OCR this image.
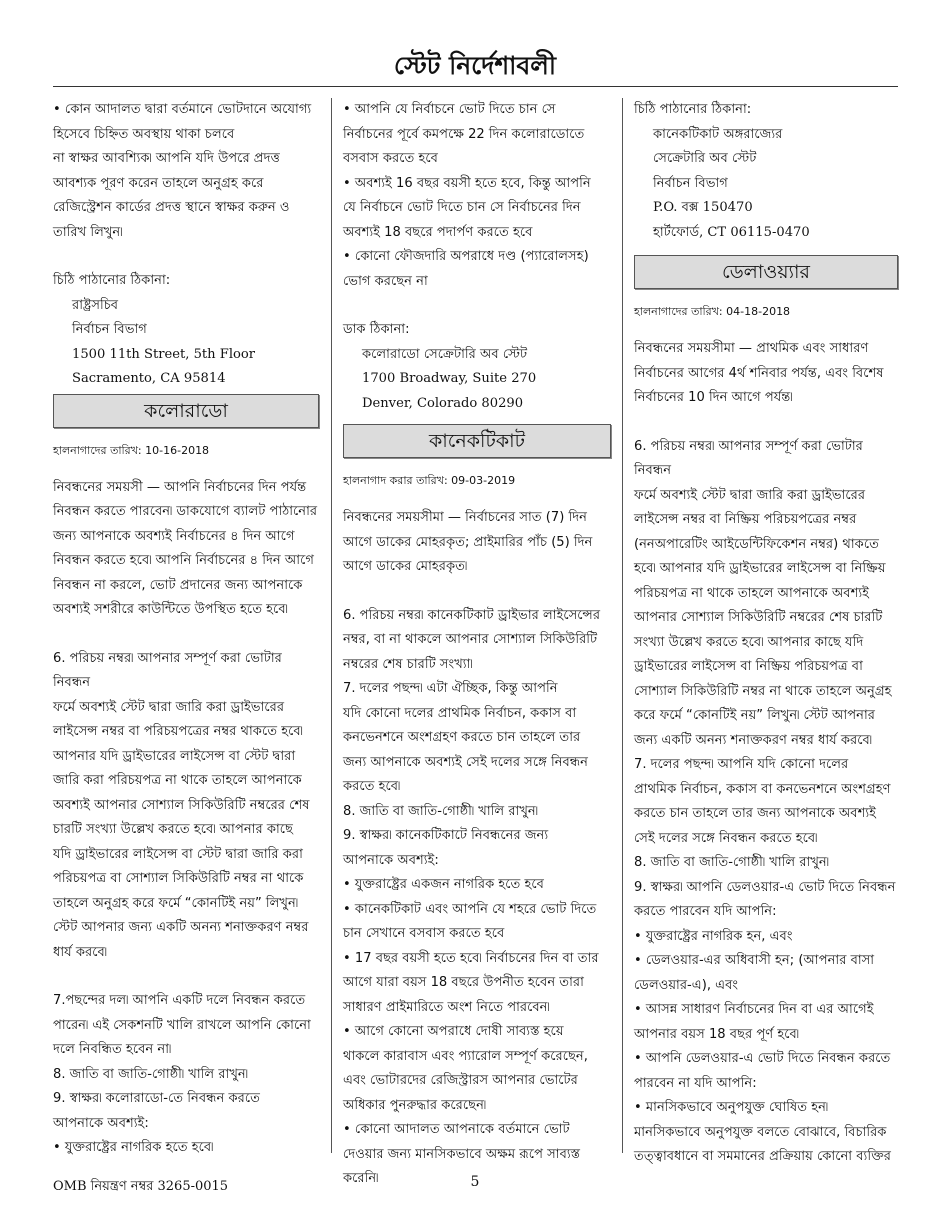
স্টেট নির্দেশাবলী
• কোন আদালত দ্বারা বর্তমানে ভোটদানে অযোগ্য
হিসেবে চিহ্নিত অবস্থায় থাকা চলবে
না স্বাক্ষর আবশ্যিক৷ আপনি যদি উপরে প্রদত্ত
আবশ্যক পূরণ করেন তাহলে অনুগ্রহ করে
রেজিস্ট্রেশন কার্ডের প্রদত্ত স্থানে স্বাক্ষর করুন ও
তারিখ লিখুন৷

চিঠি পাঠানোর ঠিকানা:

রাষ্ট্রসচিব
নির্বাচন বিভাগ
1500 11th Street, 5th Floor
Sacramento, CA 95814
কলোরাডো

হালনাগাদের তারিখ: 10-16-2018

নিবন্ধনের সময়সী — আপনি নির্বাচনের দিন পর্যন্ত
নিবন্ধন করতে পারবেন৷ ডাকযোগে ব্যালট পাঠানোর
জন্য আপনাকে অবশ্যই নির্বাচনের ৪ দিন আগে
নিবন্ধন করতে হবে৷ আপনি নির্বাচনের ৪ দিন আগে
নিবন্ধন না করলে, ভোট প্রদানের জন্য আপনাকে
অবশ্যই সশরীরে কাউন্টিতে উপস্থিত হতে হবে৷
6. পরিচয় নম্বর৷ আপনার সম্পূর্ণ করা ভোটার নিবন্ধন
ফর্মে অবশ্যই স্টেট দ্বারা জারি করা ড্রাইভারের
লাইসেন্স নম্বর বা পরিচয়পত্রের নম্বর থাকতে হবে৷
আপনার যদি ড্রাইভারের লাইসেন্স বা স্টেট দ্বারা
জারি করা পরিচয়পত্র না থাকে তাহলে আপনাকে
অবশ্যই আপনার সোশ্যাল সিকিউরিটি নম্বরের শেষ
চারটি সংখ্যা উল্লেখ করতে হবে৷ আপনার কাছে
যদি ড্রাইভারের লাইসেন্স বা স্টেট দ্বারা জারি করা
পরিচয়পত্র বা সোশ্যাল সিকিউরিটি নম্বর না থাকে
তাহলে অনুগ্রহ করে ফর্মে “কোনটিই নয়” লিখুন৷
স্টেট আপনার জন্য একটি অনন্য শনাক্তকরণ নম্বর
ধার্য করবে৷
7.পছন্দের দল৷ আপনি একটি দলে নিবন্ধন করতে
পারেন৷ এই সেকশনটি খালি রাখলে আপনি কোনো
দলে নিবন্ধিত হবেন না৷
8. জাতি বা জাতি-গোষ্ঠী৷ খালি রাখুন৷
9. স্বাক্ষর৷ কলোরাডো-তে নিবন্ধন করতে
আপনাকে অবশ্যই:
• যুক্তরাষ্ট্রের নাগরিক হতে হবে৷
• আপনি যে নির্বাচনে ভোট দিতে চান সে
নির্বাচনের পূর্বে কমপক্ষে 22 দিন কলোরাডোতে
বসবাস করতে হবে
• অবশ্যই 16 বছর বয়সী হতে হবে, কিন্তু আপনি
যে নির্বাচনে ভোট দিতে চান সে নির্বাচনের দিন
অবশ্যই 18 বছরে পদার্পণ করতে হবে
• কোনো ফৌজদারি অপরাধে দণ্ড (প্যারোলসহ)
ভোগ করছেন না

ডাক ঠিকানা:

কলোরাডো সেক্রেটারি অব স্টেট
1700 Broadway, Suite 270
Denver, Colorado 80290
কানেকটিকাট

হালনাগাদ করার তারিখ: 09-03-2019

নিবন্ধনের সময়সীমা — নির্বাচনের সাত (7) দিন
আগে ডাকের মোহরকৃত; প্রাইমারির পাঁচ (5) দিন
আগে ডাকের মোহরকৃত৷
6. পরিচয় নম্বর৷ কানেকটিকাট ড্রাইভার লাইসেন্সের
নম্বর, বা না থাকলে আপনার সোশ্যাল সিকিউরিটি
নম্বরের শেষ চারটি সংখ্যা৷
7. দলের পছন্দ৷ এটা ঐচ্ছিক, কিন্তু আপনি
যদি কোনো দলের প্রাথমিক নির্বাচন, ককাস বা
কনভেনশনে অংশগ্রহণ করতে চান তাহলে তার
জন্য আপনাকে অবশ্যই সেই দলের সঙ্গে নিবন্ধন
করতে হবে৷
8. জাতি বা জাতি-গোষ্ঠী৷ খালি রাখুন৷
9. স্বাক্ষর৷ কানেকটিকাটে নিবন্ধনের জন্য
আপনাকে অবশ্যই:
• যুক্তরাষ্ট্রের একজন নাগরিক হতে হবে
• কানেকটিকাট এবং আপনি যে শহরে ভোট দিতে
চান সেখানে বসবাস করতে হবে
• 17 বছর বয়সী হতে হবে৷ নির্বাচনের দিন বা তার
আগে যারা বয়স 18 বছরে উপনীত হবেন তারা
সাধারণ প্রাইমারিতে অংশ নিতে পারবেন৷
• আগে কোনো অপরাধে দোষী সাব্যস্ত হয়ে
থাকলে কারাবাস এবং প্যারোল সম্পূর্ণ করেছেন,
এবং ভোটারদের রেজিস্ট্রারস আপনার ভোটের
অধিকার পুনরুদ্ধার করেছেন৷
• কোনো আদালত আপনাকে বর্তমানে ভোট
দেওয়ার জন্য মানসিকভাবে অক্ষম রূপে সাব্যস্ত
করেনি৷

চিঠি পাঠানোর ঠিকানা:

কানেকটিকাট অঙ্গরাজ্যের
সেক্রেটারি অব স্টেট
নির্বাচন বিভাগ
P.O. বক্স 150470
হার্টফোর্ড, CT 06115-0470
ডেলাওয়্যার

হালনাগাদের তারিখ: 04-18-2018

নিবন্ধনের সময়সীমা — প্রাথমিক এবং সাধারণ
নির্বাচনের আগের 4র্থ শনিবার পর্যন্ত, এবং বিশেষ
নির্বাচনের 10 দিন আগে পর্যন্ত৷
6. পরিচয় নম্বর৷ আপনার সম্পূর্ণ করা ভোটার নিবন্ধন
ফর্মে অবশ্যই স্টেট দ্বারা জারি করা ড্রাইভারের
লাইসেন্স নম্বর বা নিষ্ক্রিয় পরিচয়পত্রের নম্বর
(ননঅপারেটিং আইডেন্টিফিকেশন নম্বর) থাকতে
হবে৷ আপনার যদি ড্রাইভারের লাইসেন্স বা নিষ্ক্রিয়
পরিচয়পত্র না থাকে তাহলে আপনাকে অবশ্যই
আপনার সোশ্যাল সিকিউরিটি নম্বরের শেষ চারটি
সংখ্যা উল্লেখ করতে হবে৷ আপনার কাছে যদি
ড্রাইভারের লাইসেন্স বা নিষ্ক্রিয় পরিচয়পত্র বা
সোশ্যাল সিকিউরিটি নম্বর না থাকে তাহলে অনুগ্রহ
করে ফর্মে “কোনটিই নয়” লিখুন৷ স্টেট আপনার
জন্য একটি অনন্য শনাক্তকরণ নম্বর ধার্য করবে৷
7. দলের পছন্দ৷ আপনি যদি কোনো দলের
প্রাথমিক নির্বাচন, ককাস বা কনভেনশনে অংশগ্রহণ
করতে চান তাহলে তার জন্য আপনাকে অবশ্যই
সেই দলের সঙ্গে নিবন্ধন করতে হবে৷
8. জাতি বা জাতি-গোষ্ঠী৷ খালি রাখুন৷
9. স্বাক্ষর৷ আপনি ডেলওয়ার-এ ভোট দিতে নিবন্ধন
করতে পারবেন যদি আপনি:
• যুক্তরাষ্ট্রের নাগরিক হন, এবং
• ডেলওয়ার-এর অধিবাসী হন; (আপনার বাসা
ডেলওয়ার-এ), এবং
• আসন্ন সাধারণ নির্বাচনের দিন বা এর আগেই
আপনার বয়স 18 বছর পূর্ণ হবে৷
• আপনি ডেলওয়ার-এ ভোট দিতে নিবন্ধন করতে
পারবেন না যদি আপনি:
• মানসিকভাবে অনুপযুক্ত ঘোষিত হন৷
মানসিকভাবে অনুপযুক্ত বলতে বোঝাবে, বিচারিক
তত্ত্বাবধানে বা সমমানের প্রক্রিয়ায় কোনো ব্যক্তির
OMB নিয়ন্ত্রণ নম্বর 3265-0015	5
